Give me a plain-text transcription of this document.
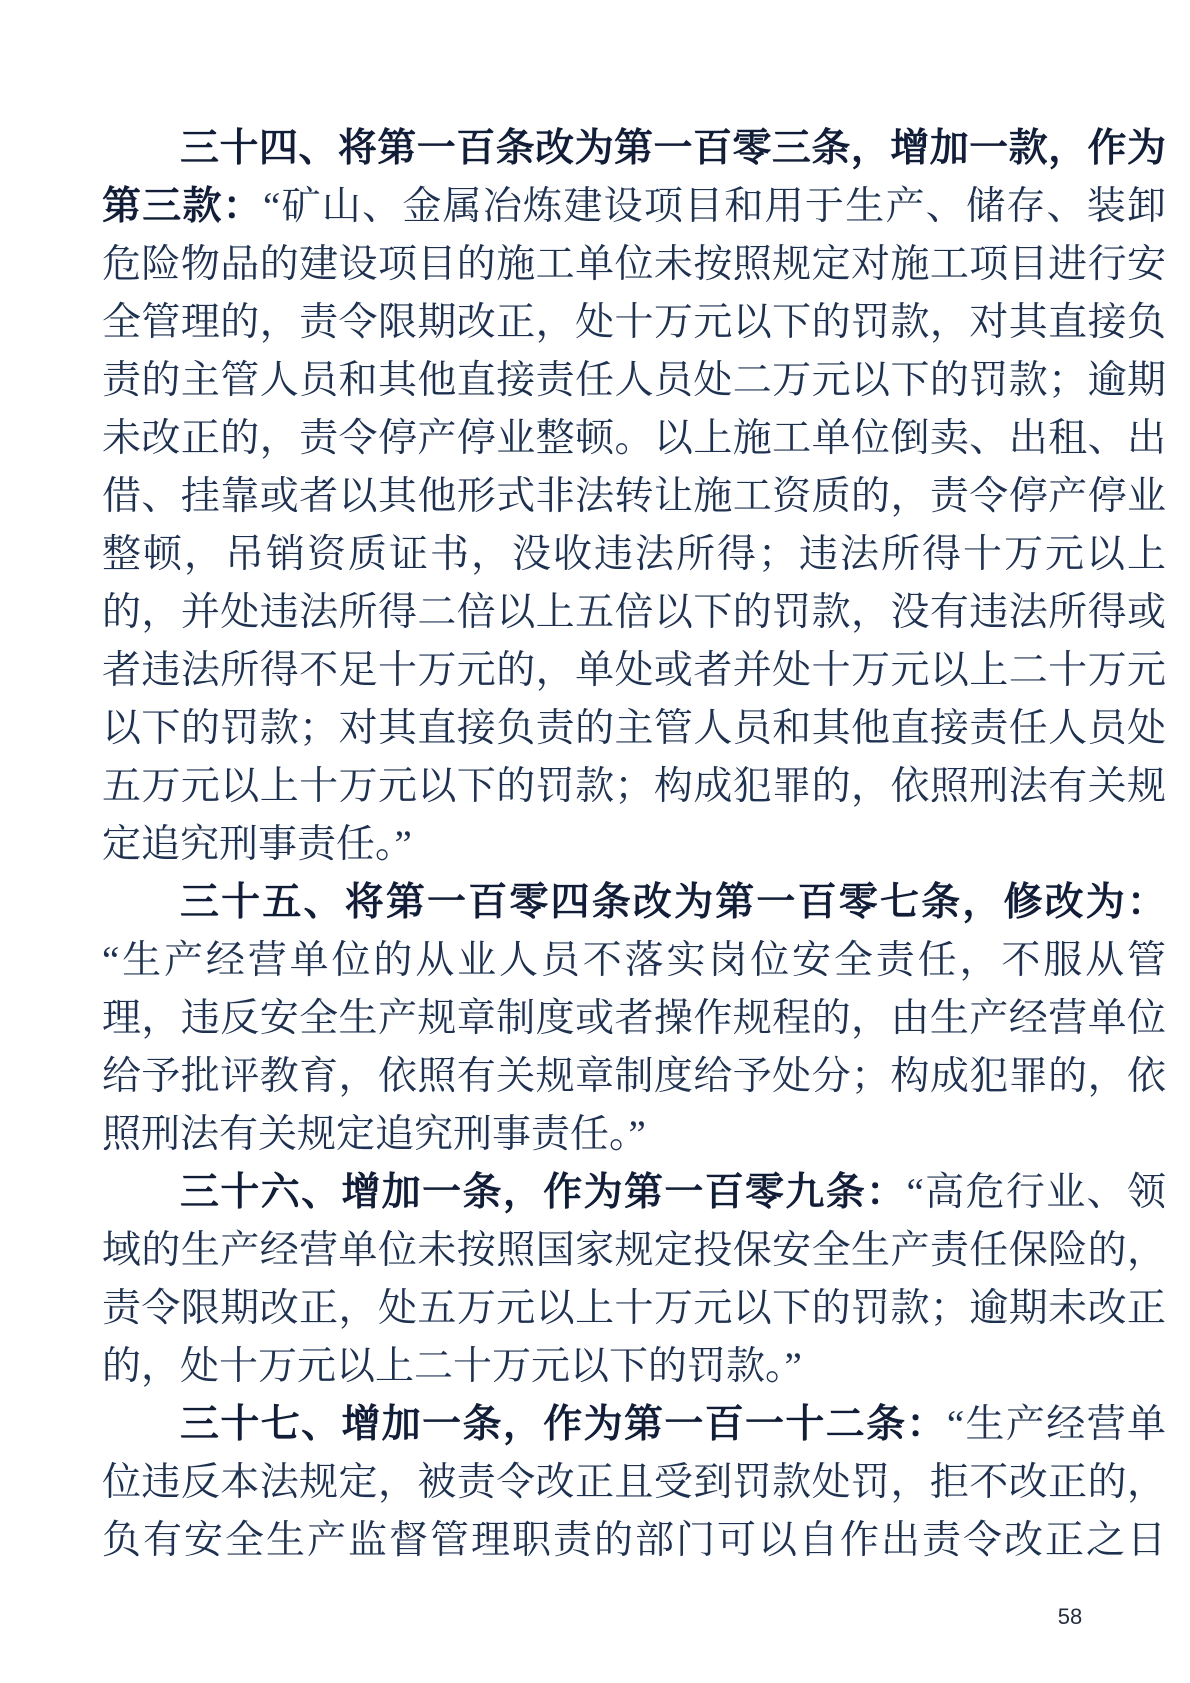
三十四、将第一百条改为第一百零三条，增加一款，作为第三款：“矿山、金属冶炼建设项目和用于生产、储存、装卸危险物品的建设项目的施工单位未按照规定对施工项目进行安全管理的，责令限期改正，处十万元以下的罚款，对其直接负责的主管人员和其他直接责任人员处二万元以下的罚款；逾期未改正的，责令停产停业整顿。以上施工单位倒卖、出租、出借、挂靠或者以其他形式非法转让施工资质的，责令停产停业整顿，吊销资质证书，没收违法所得；违法所得十万元以上的，并处违法所得二倍以上五倍以下的罚款，没有违法所得或者违法所得不足十万元的，单处或者并处十万元以上二十万元以下的罚款；对其直接负责的主管人员和其他直接责任人员处五万元以上十万元以下的罚款；构成犯罪的，依照刑法有关规定追究刑事责任。”

三十五、将第一百零四条改为第一百零七条，修改为：“生产经营单位的从业人员不落实岗位安全责任，不服从管理，违反安全生产规章制度或者操作规程的，由生产经营单位给予批评教育，依照有关规章制度给予处分；构成犯罪的，依照刑法有关规定追究刑事责任。”

三十六、增加一条，作为第一百零九条：“高危行业、领域的生产经营单位未按照国家规定投保安全生产责任保险的，责令限期改正，处五万元以上十万元以下的罚款；逾期未改正的，处十万元以上二十万元以下的罚款。”

三十七、增加一条，作为第一百一十二条：“生产经营单位违反本法规定，被责令改正且受到罚款处罚，拒不改正的，负有安全生产监督管理职责的部门可以自作出责令改正之日

58
